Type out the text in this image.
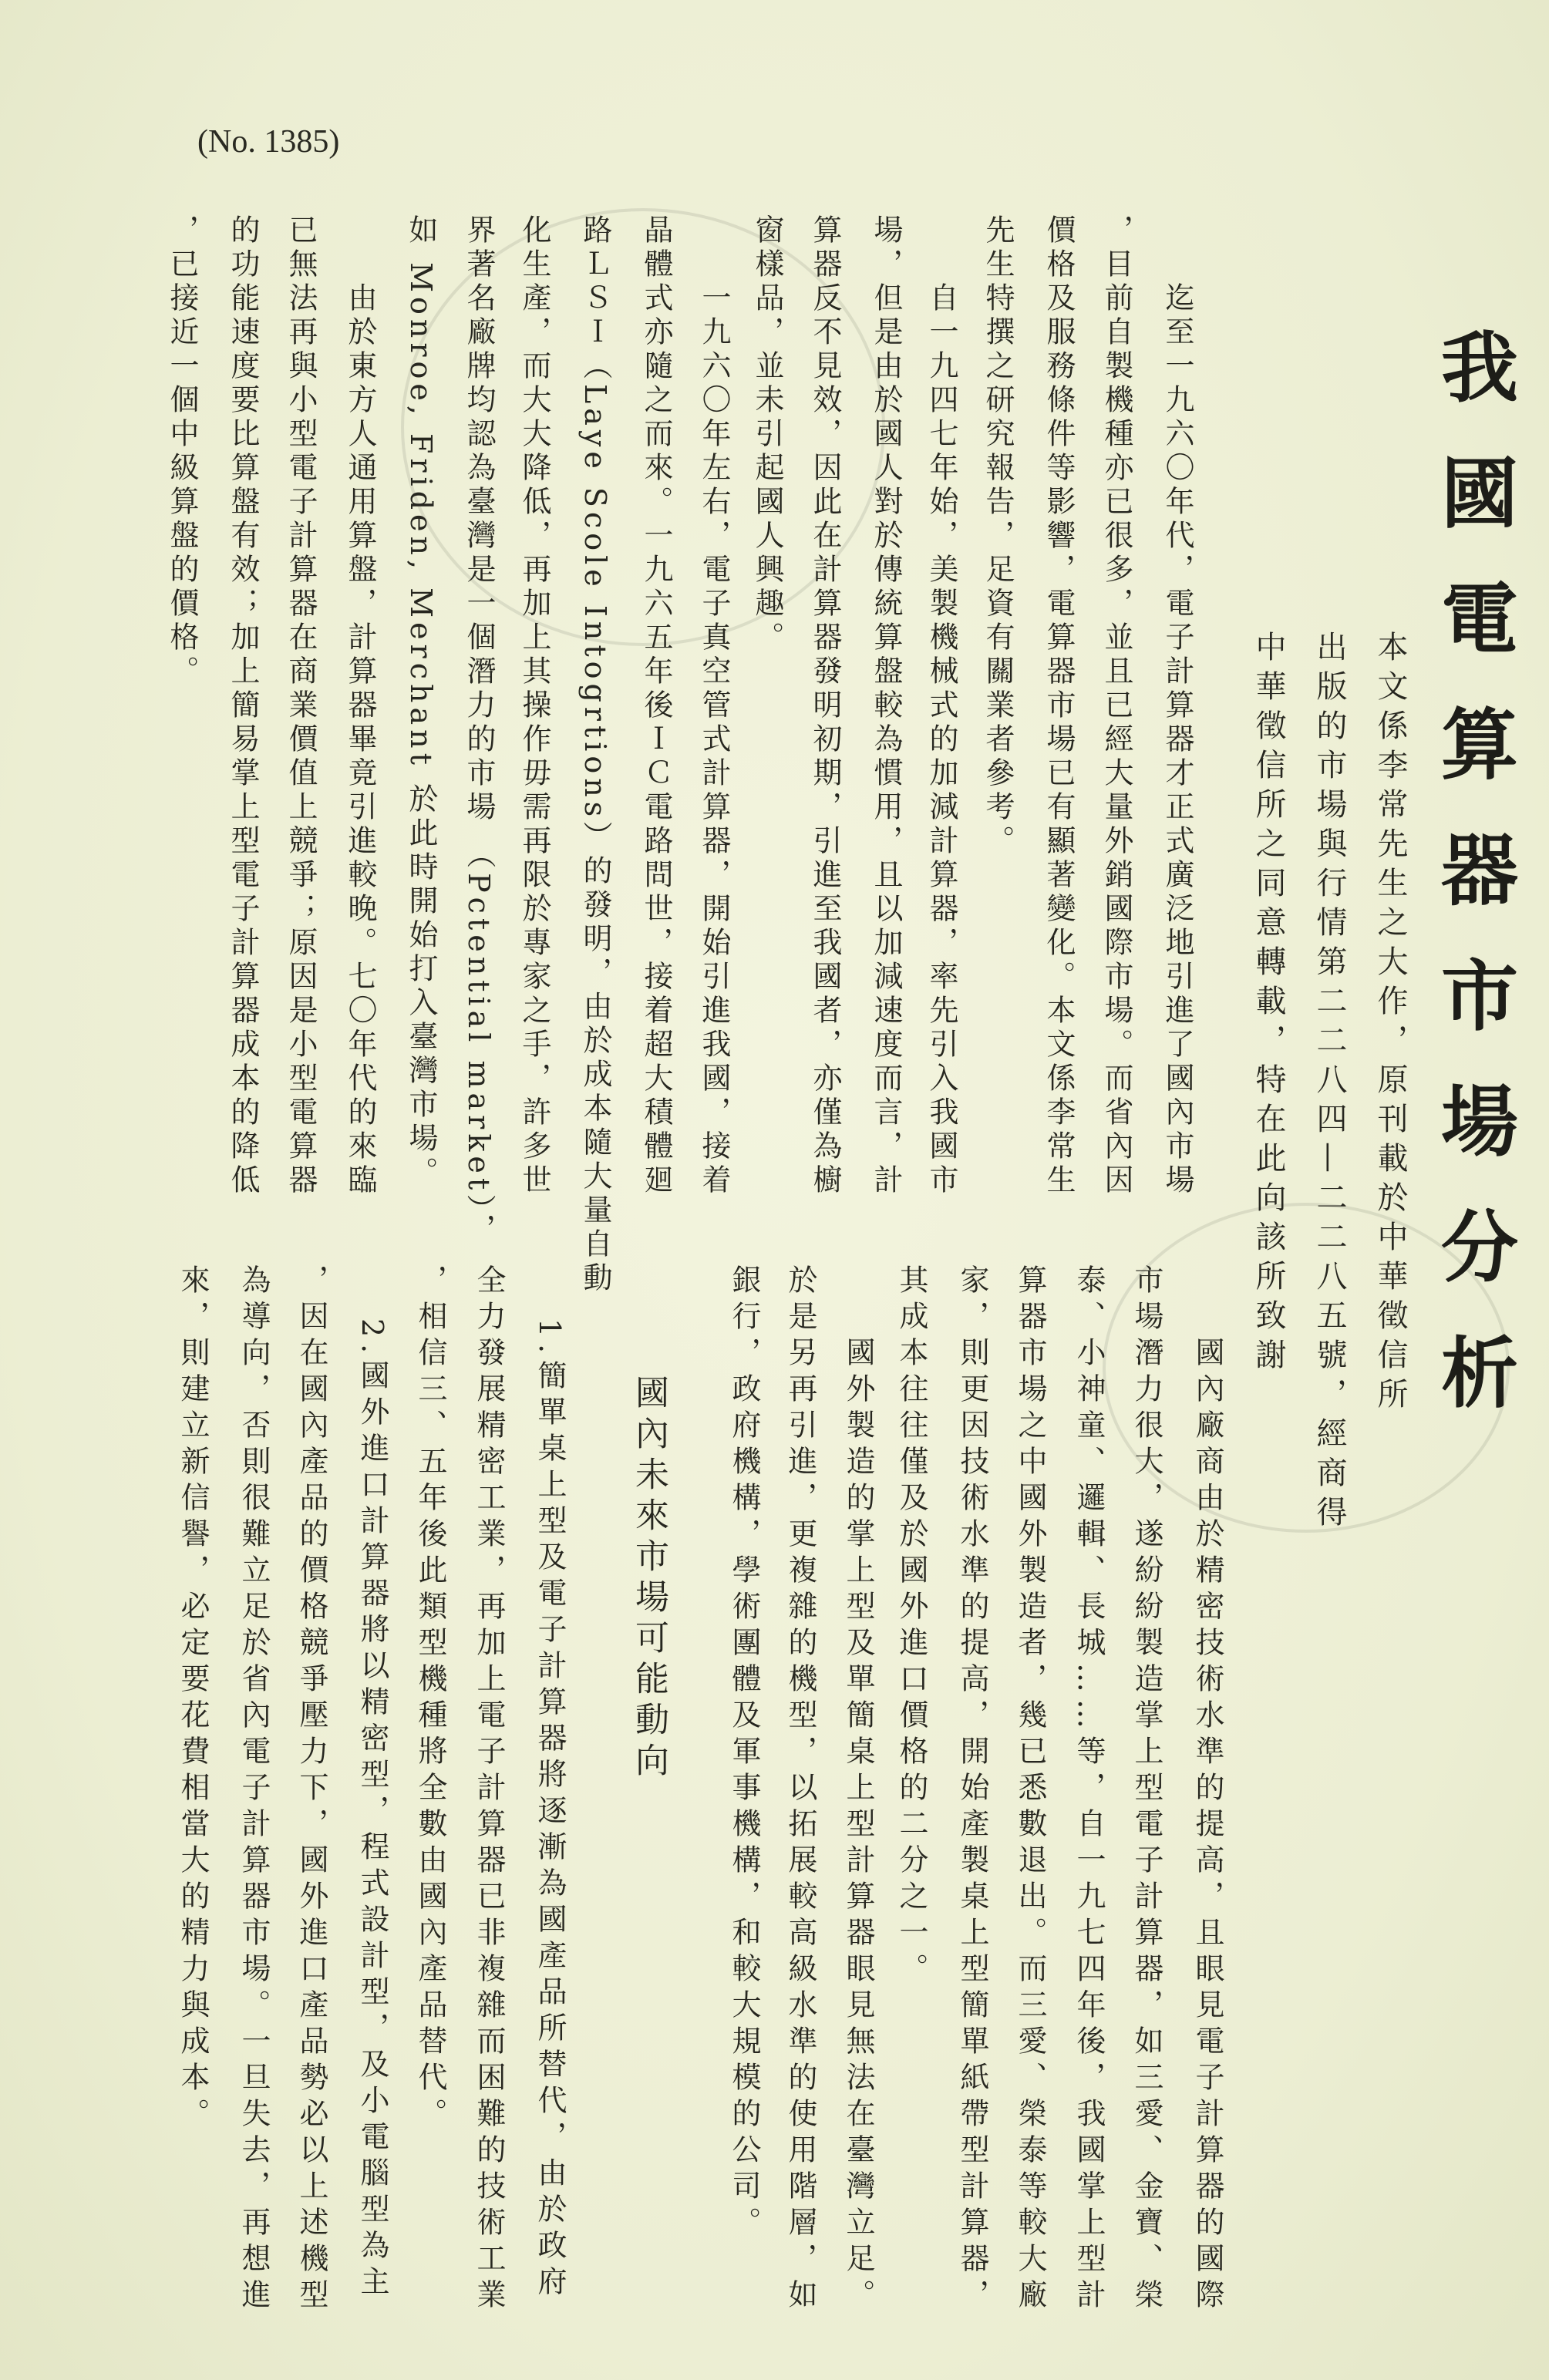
(No. 1385)
我國電算器市場分析
本文係李常先生之大作，原刊載於中華徵信所
出版的市場與行情第二二八四—二二八五號，經商得
中華徵信所之同意轉載，特在此向該所致謝
迄至一九六〇年代，電子計算器才正式廣泛地引進了國內市場
，目前自製機種亦已很多，並且已經大量外銷國際市場。而省內因
價格及服務條件等影響，電算器市場已有顯著變化。本文係李常生
先生特撰之研究報告，足資有關業者參考。
自一九四七年始，美製機械式的加減計算器，率先引入我國市
場，但是由於國人對於傳統算盤較為慣用，且以加減速度而言，計
算器反不見效，因此在計算器發明初期，引進至我國者，亦僅為櫥
窗樣品，並未引起國人興趣。
一九六〇年左右，電子真空管式計算器，開始引進我國，接着
晶體式亦隨之而來。一九六五年後ＩＣ電路問世，接着超大積體廻
路ＬＳＩ（Laye Scole Intogrtions）的發明，由於成本隨大量自動
化生產，而大大降低，再加上其操作毋需再限於專家之手，許多世
界著名廠牌均認為臺灣是一個潛力的市場 （Pctential market），
如 Monroe, Friden, Merchant 於此時開始打入臺灣市場。
由於東方人通用算盤，計算器畢竟引進較晚。七〇年代的來臨
已無法再與小型電子計算器在商業價值上競爭；原因是小型電算器
的功能速度要比算盤有效；加上簡易掌上型電子計算器成本的降低
，已接近一個中級算盤的價格。
國內未來市場可能動向	國內廠商由於精密技術水準的提高，且眼見電子計算器的國際
市場潛力很大，遂紛紛製造掌上型電子計算器，如三愛、金寶、榮
泰、小神童、邏輯、長城……等，自一九七四年後，我國掌上型計
算器市場之中國外製造者，幾已悉數退出。而三愛、榮泰等較大廠
家，則更因技術水準的提高，開始產製桌上型簡單紙帶型計算器，
其成本往往僅及於國外進口價格的二分之一。
國外製造的掌上型及單簡桌上型計算器眼見無法在臺灣立足。
於是另再引進，更複雜的機型，以拓展較高級水準的使用階層，如
銀行，政府機構，學術團體及軍事機構，和較大規模的公司。
1.簡單桌上型及電子計算器將逐漸為國產品所替代，由於政府
全力發展精密工業，再加上電子計算器已非複雜而困難的技術工業
，相信三、五年後此類型機種將全數由國內產品替代。
2.國外進口計算器將以精密型，程式設計型，及小電腦型為主
，因在國內產品的價格競爭壓力下，國外進口產品勢必以上述機型
為導向，否則很難立足於省內電子計算器市場。一旦失去，再想進
來，則建立新信譽，必定要花費相當大的精力與成本。
